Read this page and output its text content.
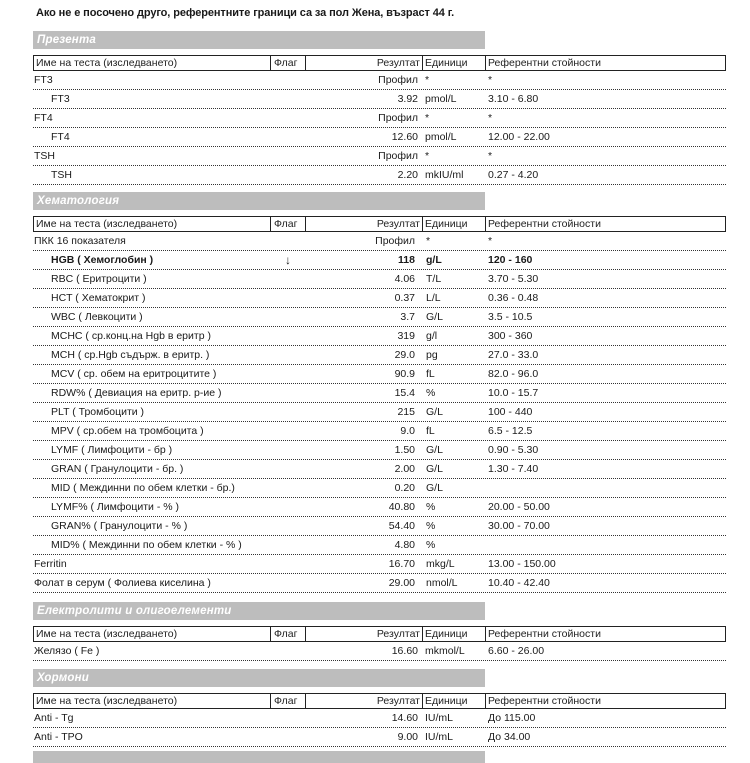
Ако не е посочено друго, референтните граници са за пол Жена, възраст 44 г.
Презента
Име на теста (изследването)	Флаг	Резултат Единици	Референтни стойности
FT3	Профил *	*
FT3	3.92 pmol/L	3.10 - 6.80
FT4	Профил *	*
FT4	12.60 pmol/L	12.00 - 22.00
TSH	Профил *	*
TSH	2.20 mkIU/ml 0.27 - 4.20
Хематология
Име на теста (изследването)	Флаг	Резултат Единици	Референтни стойности
ПКК 16 показателя	Профил *	*
HGB ( Хемоглобин )	↓	118 g/L	120 - 160
RBC ( Еритроцити )	4.06 T/L	3.70 - 5.30
HCT ( Хематокрит )	0.37 L/L	0.36 - 0.48
WBC ( Левкоцити )	3.7 G/L	3.5 - 10.5
MCHC ( ср.конц.на Hgb в еритр )	319 g/l	300 - 360
MCH ( ср.Hgb съдърж. в еритр. )	29.0 pg	27.0 - 33.0
MCV ( ср. обем на еритроцитите )	90.9 fL	82.0 - 96.0
RDW% ( Девиация на еритр. р-ие )	15.4 %	10.0 - 15.7
PLT ( Тромбоцити )	215 G/L	100 - 440
MPV ( ср.обем на тромбоцита )	9.0 fL	6.5 - 12.5
LYMF ( Лимфоцити - бр )	1.50 G/L	0.90 - 5.30
GRAN ( Гранулоцити - бр. )	2.00 G/L	1.30 - 7.40
MID ( Междинни по обем клетки - бр.)	0.20 G/L
LYMF% ( Лимфоцити - % )	40.80 %	20.00 - 50.00
GRAN% ( Гранулоцити - % )	54.40 %	30.00 - 70.00
MID% ( Междинни по обем клетки - % )	4.80 %
Ferritin	16.70 mkg/L	13.00 - 150.00
Фолат в серум ( Фолиева киселина )	29.00 nmol/L	10.40 - 42.40
Електролити и олигоелементи
Име на теста (изследването)	Флаг	Резултат Единици	Референтни стойности
Желязо ( Fe )	16.60 mkmol/L 6.60 - 26.00
Хормони
Име на теста (изследването)	Флаг	Резултат Единици	Референтни стойности
Anti - Tg	14.60 IU/mL	До 115.00
Anti - TPO	9.00 IU/mL	До 34.00
